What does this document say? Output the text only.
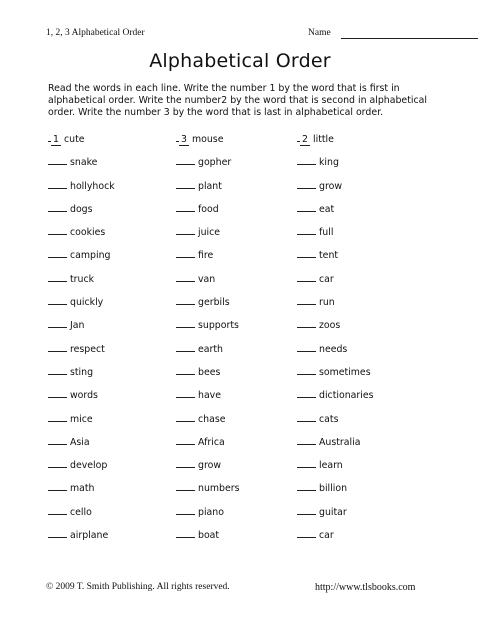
1, 2, 3 Alphabetical Order	Name
Alphabetical Order
Read the words in each line. Write the number 1 by the word that is first in alphabetical order. Write the number2 by the word that is second in alphabetical order. Write the number 3 by the word that is last in alphabetical order.
1 cute
snake
hollyhock
dogs
cookies
camping
truck
quickly
Jan
respect
sting
words
mice
Asia
develop
math
cello
airplane
3 mouse
gopher
plant
food
juice
fire
van
gerbils
supports
earth
bees
have
chase
Africa
grow
numbers
piano
boat
2 little
king
grow
eat
full
tent
car
run
zoos
needs
sometimes
dictionaries
cats
Australia
learn
billion
guitar
car
© 2009 T. Smith Publishing. All rights reserved.	http://www.tlsbooks.com
